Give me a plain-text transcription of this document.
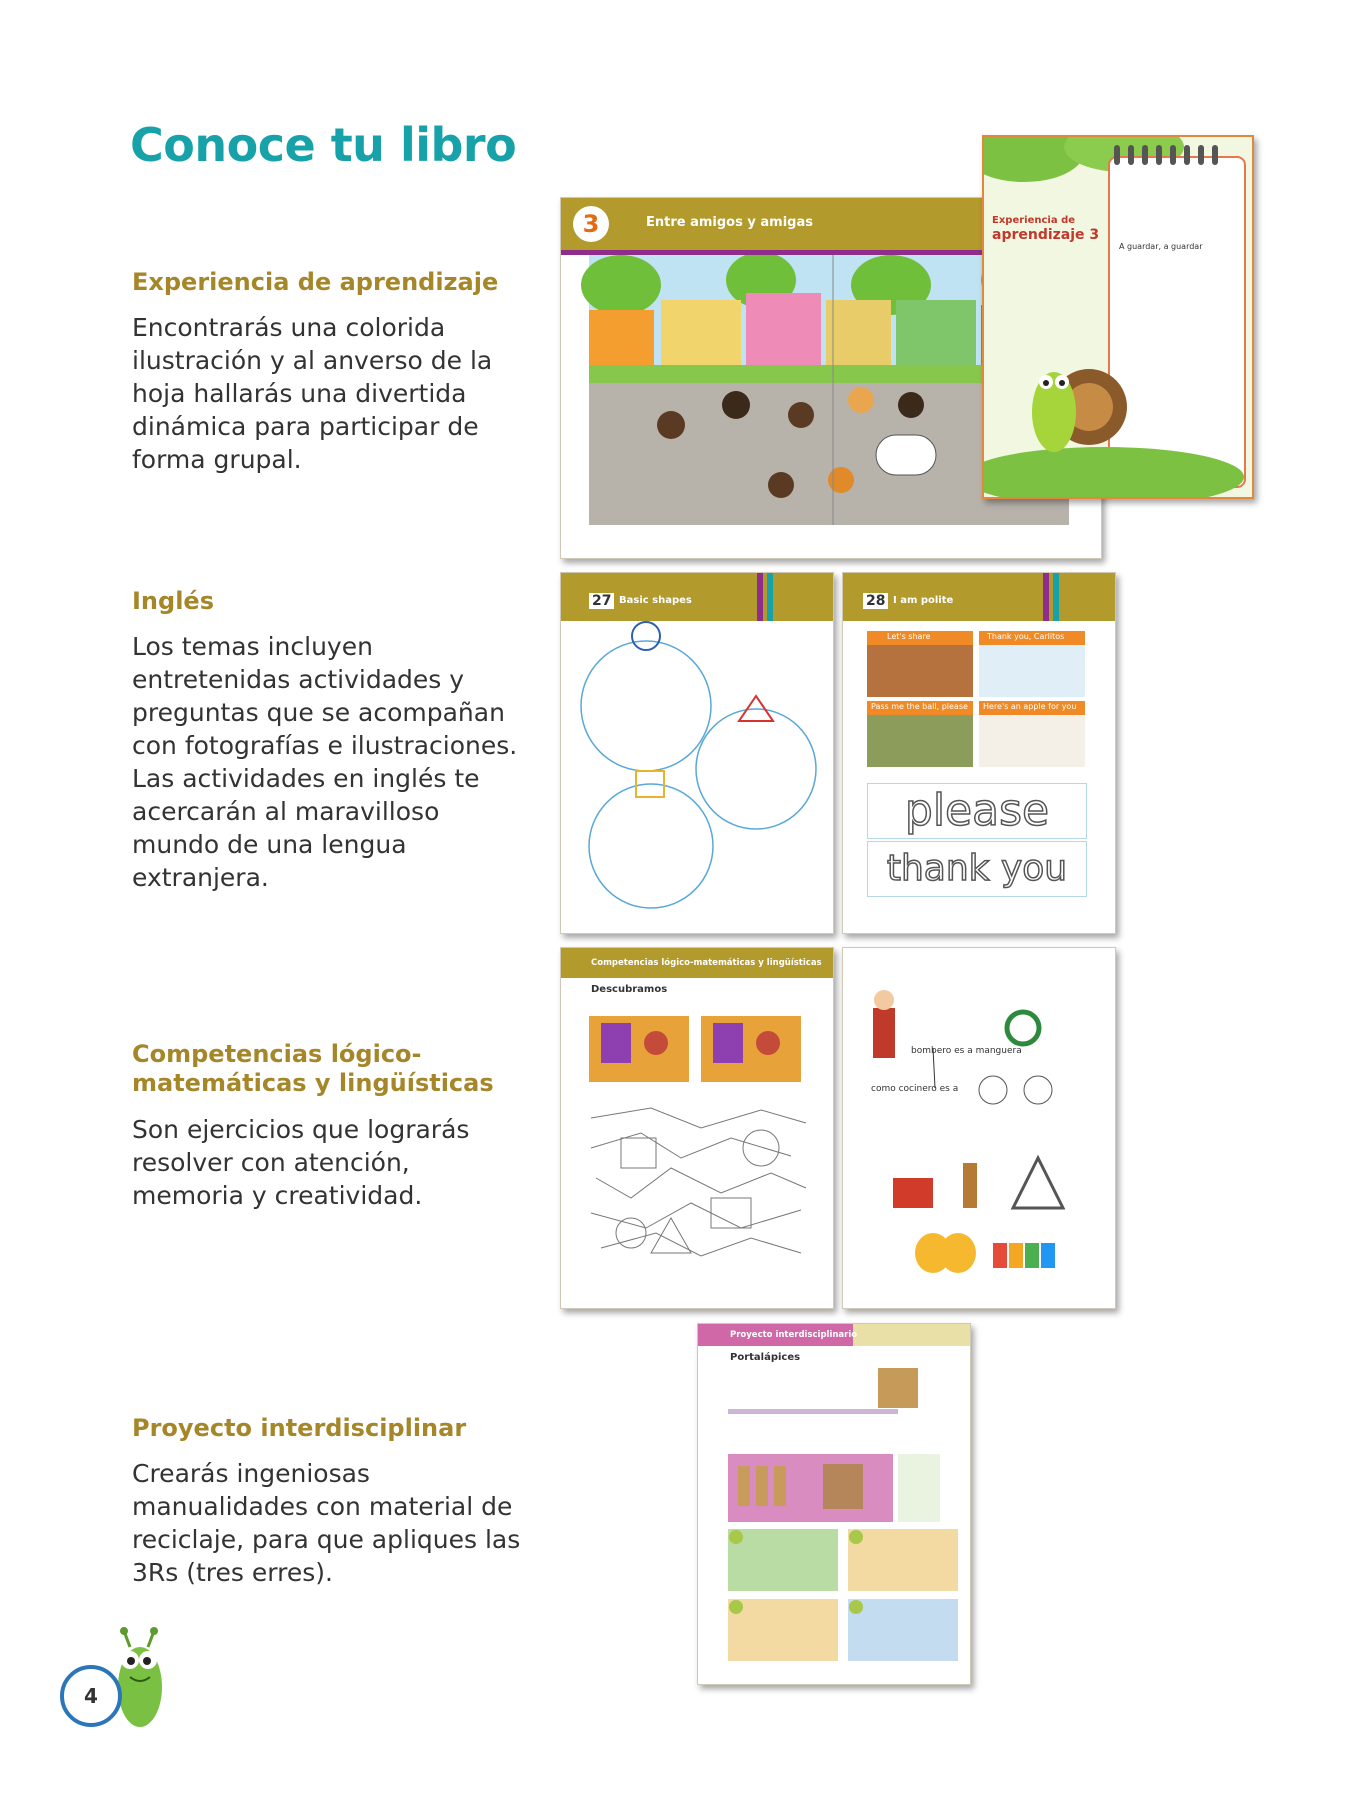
Conoce tu libro
Experiencia de aprendizaje

Encontrarás una colorida ilustración y al anverso de la hoja hallarás una divertida dinámica para participar de forma grupal.

Inglés

Los temas incluyen entretenidas actividades y preguntas que se acompañan con fotografías e ilustraciones. Las actividades en inglés te acercarán al maravilloso mundo de una lengua extranjera.

Competencias lógico-matemáticas y lingüísticas

Son ejercicios que lograrás resolver con atención, memoria y creatividad.

Proyecto interdisciplinar

Crearás ingeniosas manualidades con material de reciclaje, para que apliques las 3Rs (tres erres).

3	Entre amigos y amigas	Experiencia de
aprendizaje 3
A guardar, a guardar
27 Basic shapes	28 I am polite
Let's share	Thank you, Carlitos
Pass me the ball, please Here's an apple for you
please
thank you
Competencias lógico-matemáticas y lingüísticas
Descubramos
bombero es a manguera
como cocinero es a
Proyecto interdisciplinario
Portalápices
4
